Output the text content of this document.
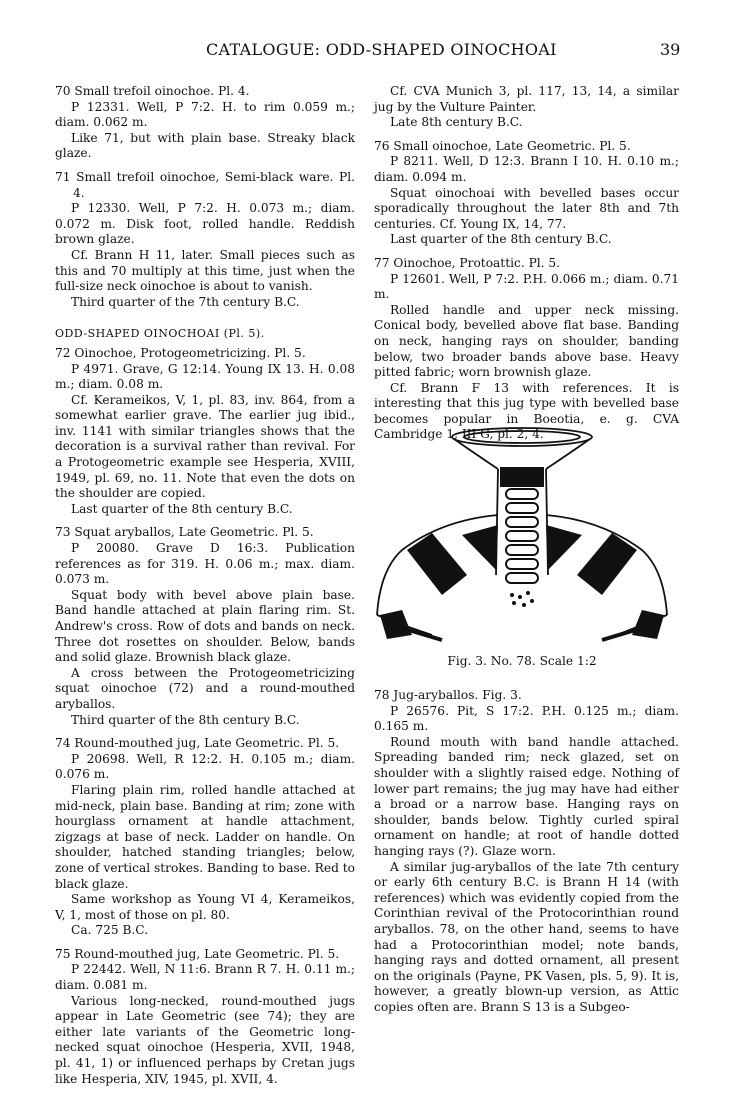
CATALOGUE: ODD-SHAPED OINOCHOAI	39

70 Small trefoil oinochoe. Pl. 4.

P 12331. Well, P 7:2. H. to rim 0.059 m.; diam. 0.062 m.

Like 71, but with plain base. Streaky black glaze.

71 Small trefoil oinochoe, Semi-black ware. Pl. 4.

P 12330. Well, P 7:2. H. 0.073 m.; diam. 0.072 m. Disk foot, rolled handle. Reddish brown glaze.

Cf. Brann H 11, later. Small pieces such as this and 70 multiply at this time, just when the full-size neck oinochoe is about to vanish.

Third quarter of the 7th century B.C.

ODD-SHAPED OINOCHOAI (Pl. 5).

72 Oinochoe, Protogeometricizing. Pl. 5.

P 4971. Grave, G 12:14. Young IX 13. H. 0.08 m.; diam. 0.08 m.

Cf. Kerameikos, V, 1, pl. 83, inv. 864, from a somewhat earlier grave. The earlier jug ibid., inv. 1141 with similar triangles shows that the decoration is a survival rather than revival. For a Protogeometric example see Hesperia, XVIII, 1949, pl. 69, no. 11. Note that even the dots on the shoulder are copied.

Last quarter of the 8th century B.C.

73 Squat aryballos, Late Geometric. Pl. 5.

P 20080. Grave D 16:3. Publication references as for 319. H. 0.06 m.; max. diam. 0.073 m.

Squat body with bevel above plain base. Band handle attached at plain flaring rim. St. Andrew's cross. Row of dots and bands on neck. Three dot rosettes on shoulder. Below, bands and solid glaze. Brownish black glaze.

A cross between the Protogeometricizing squat oinochoe (72) and a round-mouthed aryballos.

Third quarter of the 8th century B.C.

74 Round-mouthed jug, Late Geometric. Pl. 5.

P 20698. Well, R 12:2. H. 0.105 m.; diam. 0.076 m.

Flaring plain rim, rolled handle attached at mid-neck, plain base. Banding at rim; zone with hourglass ornament at handle attachment, zigzags at base of neck. Ladder on handle. On shoulder, hatched standing triangles; below, zone of vertical strokes. Banding to base. Red to black glaze.

Same workshop as Young VI 4, Kerameikos, V, 1, most of those on pl. 80.

Ca. 725 B.C.

75 Round-mouthed jug, Late Geometric. Pl. 5.

P 22442. Well, N 11:6. Brann R 7. H. 0.11 m.; diam. 0.081 m.

Various long-necked, round-mouthed jugs appear in Late Geometric (see 74); they are either late variants of the Geometric long-necked squat oinochoe (Hesperia, XVII, 1948, pl. 41, 1) or influenced perhaps by Cretan jugs like Hesperia, XIV, 1945, pl. XVII, 4.

Cf. CVA Munich 3, pl. 117, 13, 14, a similar jug by the Vulture Painter.

Late 8th century B.C.

76 Small oinochoe, Late Geometric. Pl. 5.

P 8211. Well, D 12:3. Brann I 10. H. 0.10 m.; diam. 0.094 m.

Squat oinochoai with bevelled bases occur sporadically throughout the later 8th and 7th centuries. Cf. Young IX, 14, 77.

Last quarter of the 8th century B.C.

77 Oinochoe, Protoattic. Pl. 5.

P 12601. Well, P 7:2. P.H. 0.066 m.; diam. 0.71 m.

Rolled handle and upper neck missing. Conical body, bevelled above flat base. Banding on neck, hanging rays on shoulder, banding below, two broader bands above base. Heavy pitted fabric; worn brownish glaze.

Cf. Brann F 13 with references. It is interesting that this jug type with bevelled base becomes popular in Boeotia, e. g. CVA Cambridge 1, III G, pl. 2, 4.

Fig. 3. No. 78. Scale 1:2

78 Jug-aryballos. Fig. 3.

P 26576. Pit, S 17:2. P.H. 0.125 m.; diam. 0.165 m.

Round mouth with band handle attached. Spreading banded rim; neck glazed, set on shoulder with a slightly raised edge. Nothing of lower part remains; the jug may have had either a broad or a narrow base. Hanging rays on shoulder, bands below. Tightly curled spiral ornament on handle; at root of handle dotted hanging rays (?). Glaze worn.

A similar jug-aryballos of the late 7th century or early 6th century B.C. is Brann H 14 (with references) which was evidently copied from the Corinthian revival of the Protocorinthian round aryballos. 78, on the other hand, seems to have had a Protocorinthian model; note bands, hanging rays and dotted ornament, all present on the originals (Payne, PK Vasen, pls. 5, 9). It is, however, a greatly blown-up version, as Attic copies often are. Brann S 13 is a Subgeo-
